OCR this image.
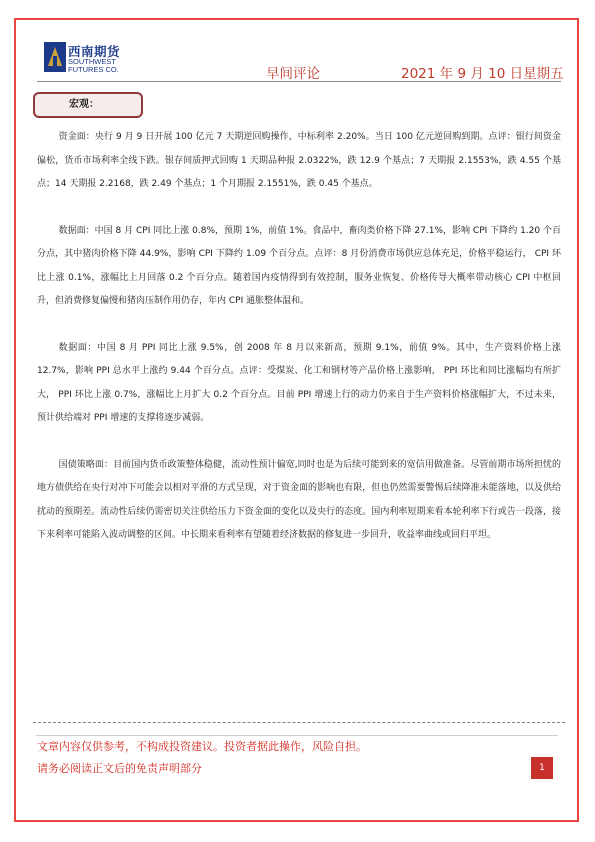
西南期货
SOUTHWEST
FUTURES CO.	早间评论	2021 年 9 月 10 日星期五
宏观：

资金面：央行 9 月 9 日开展 100 亿元 7 天期逆回购操作，中标利率 2.20%。当日 100 亿元逆回购到期。点评：银行间资金偏松，货币市场利率全线下跌。银存间质押式回购 1 天期品种报 2.0322%，跌 12.9 个基点；7 天期报 2.1553%，跌 4.55 个基点；14 天期报 2.2168，跌 2.49 个基点；1 个月期报 2.1551%，跌 0.45 个基点。

数据面：中国 8 月 CPI 同比上涨 0.8%，预期 1%，前值 1%。食品中，畜肉类价格下降 27.1%，影响 CPI 下降约 1.20 个百分点，其中猪肉价格下降 44.9%，影响 CPI 下降约 1.09 个百分点。点评：8 月份消费市场供应总体充足，价格平稳运行， CPI 环比上涨 0.1%，涨幅比上月回落 0.2 个百分点。随着国内疫情得到有效控制，服务业恢复、价格传导大概率带动核心 CPI 中枢回升，但消费修复偏慢和猪肉压制作用仍存，年内 CPI 通胀整体温和。

数据面：中国 8 月 PPI 同比上涨 9.5%，创 2008 年 8 月以来新高，预期 9.1%，前值 9%。其中，生产资料价格上涨 12.7%，影响 PPI 总水平上涨约 9.44 个百分点。点评：受煤炭、化工和钢材等产品价格上涨影响， PPI 环比和同比涨幅均有所扩大， PPI 环比上涨 0.7%，涨幅比上月扩大 0.2 个百分点。目前 PPI 增速上行的动力仍来自于生产资料价格涨幅扩大，不过未来，预计供给端对 PPI 增速的支撑将逐步减弱。

国债策略面：目前国内货币政策整体稳健，流动性预计偏宽,同时也是为后续可能到来的宽信用做准备。尽管前期市场所担忧的地方债供给在央行对冲下可能会以相对平滑的方式呈现，对于资金面的影响也有限，但也仍然需要警惕后续降准未能落地，以及供给扰动的预期差。流动性后续仍需密切关注供给压力下资金面的变化以及央行的态度。国内利率短期来看本轮利率下行或告一段落，接下来利率可能陷入波动调整的区间。中长期来看利率有望随着经济数据的修复进一步回升，收益率曲线或回归平坦。

文章内容仅供参考，不构成投资建议。投资者据此操作，风险自担。
请务必阅读正文后的免责声明部分	1
